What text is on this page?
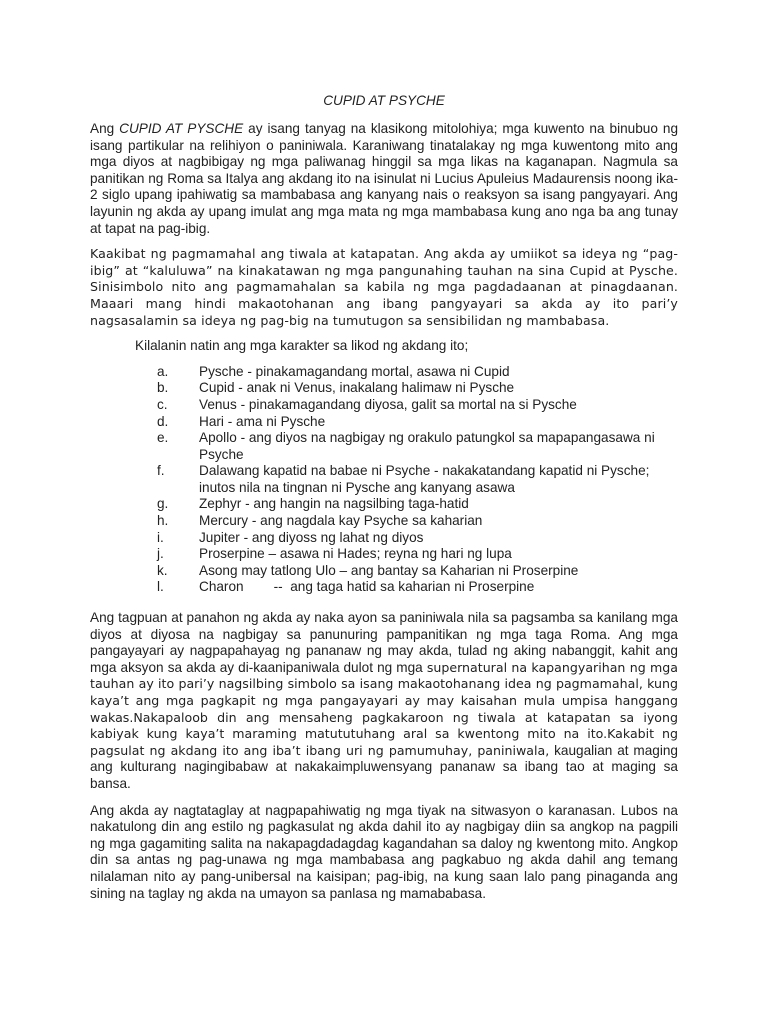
CUPID AT PSYCHE

Ang CUPID AT PYSCHE ay isang tanyag na klasikong mitolohiya; mga kuwento na binubuo ng isang partikular na relihiyon o paniniwala. Karaniwang tinatalakay ng mga kuwentong mito ang mga diyos at nagbibigay ng mga paliwanag hinggil sa mga likas na kaganapan. Nagmula sa panitikan ng Roma sa Italya ang akdang ito na isinulat ni Lucius Apuleius Madaurensis noong ika-2 siglo upang ipahiwatig sa mambabasa ang kanyang nais o reaksyon sa isang pangyayari. Ang layunin ng akda ay upang imulat ang mga mata ng mga mambabasa kung ano nga ba ang tunay at tapat na pag-ibig.

Kaakibat ng pagmamahal ang tiwala at katapatan. Ang akda ay umiikot sa ideya ng “pag-ibig” at “kaluluwa” na kinakatawan ng mga pangunahing tauhan na sina Cupid at Pysche. Sinisimbolo nito ang pagmamahalan sa kabila ng mga pagdadaanan at pinagdaanan. Maaari mang hindi makaotohanan ang ibang pangyayari sa akda ay ito pari’y nagsasalamin sa ideya ng pag-big na tumutugon sa sensibilidan ng mambabasa.

Kilalanin natin ang mga karakter sa likod ng akdang ito;

a. Pysche - pinakamagandang mortal, asawa ni Cupid
b. Cupid - anak ni Venus, inakalang halimaw ni Pysche
c. Venus - pinakamagandang diyosa, galit sa mortal na si Pysche
d. Hari - ama ni Pysche
e. Apollo - ang diyos na nagbigay ng orakulo patungkol sa mapapangasawa ni Psyche
f.	Dalawang kapatid na babae ni Psyche - nakakatandang kapatid ni Pysche; inutos nila na tingnan ni Pysche ang kanyang asawa
g. Zephyr - ang hangin na nagsilbing taga-hatid
h. Mercury - ang nagdala kay Psyche sa kaharian
i.	Jupiter - ang diyoss ng lahat ng diyos
j.	Proserpine – asawa ni Hades; reyna ng hari ng lupa
k. Asong may tatlong Ulo – ang bantay sa Kaharian ni Proserpine
l.	Charon --  ang taga hatid sa kaharian ni Proserpine

Ang tagpuan at panahon ng akda ay naka ayon sa paniniwala nila sa pagsamba sa kanilang mga diyos at diyosa na nagbigay sa panunuring pampanitikan ng mga taga Roma. Ang mga pangayayari ay nagpapahayag ng pananaw ng may akda, tulad ng aking nabanggit, kahit ang mga aksyon sa akda ay di-kaanipaniwala dulot ng mga supernatural na kapangyarihan ng mga tauhan ay ito pari’y nagsilbing simbolo sa isang makaotohanang idea ng pagmamahal, kung kaya’t ang mga pagkapit ng mga pangayayari ay may kaisahan mula umpisa hanggang wakas.Nakapaloob din ang mensaheng pagkakaroon ng tiwala at katapatan sa iyong kabiyak kung kaya’t maraming matututuhang aral sa kwentong mito na ito.Kakabit ng pagsulat ng akdang ito ang iba’t ibang uri ng pamumuhay, paniniwala, kaugalian at maging ang kulturang nagingibabaw at nakakaimpluwensyang pananaw sa ibang tao at maging sa bansa.

Ang akda ay nagtataglay at nagpapahiwatig ng mga tiyak na sitwasyon o karanasan. Lubos na nakatulong din ang estilo ng pagkasulat ng akda dahil ito ay nagbigay diin sa angkop na pagpili ng mga gagamiting salita na nakapagdadagdag kagandahan sa daloy ng kwentong mito. Angkop din sa antas ng pag-unawa ng mga mambabasa ang pagkabuo ng akda dahil ang temang nilalaman nito ay pang-unibersal na kaisipan; pag-ibig, na kung saan lalo pang pinaganda ang sining na taglay ng akda na umayon sa panlasa ng mamababasa.
